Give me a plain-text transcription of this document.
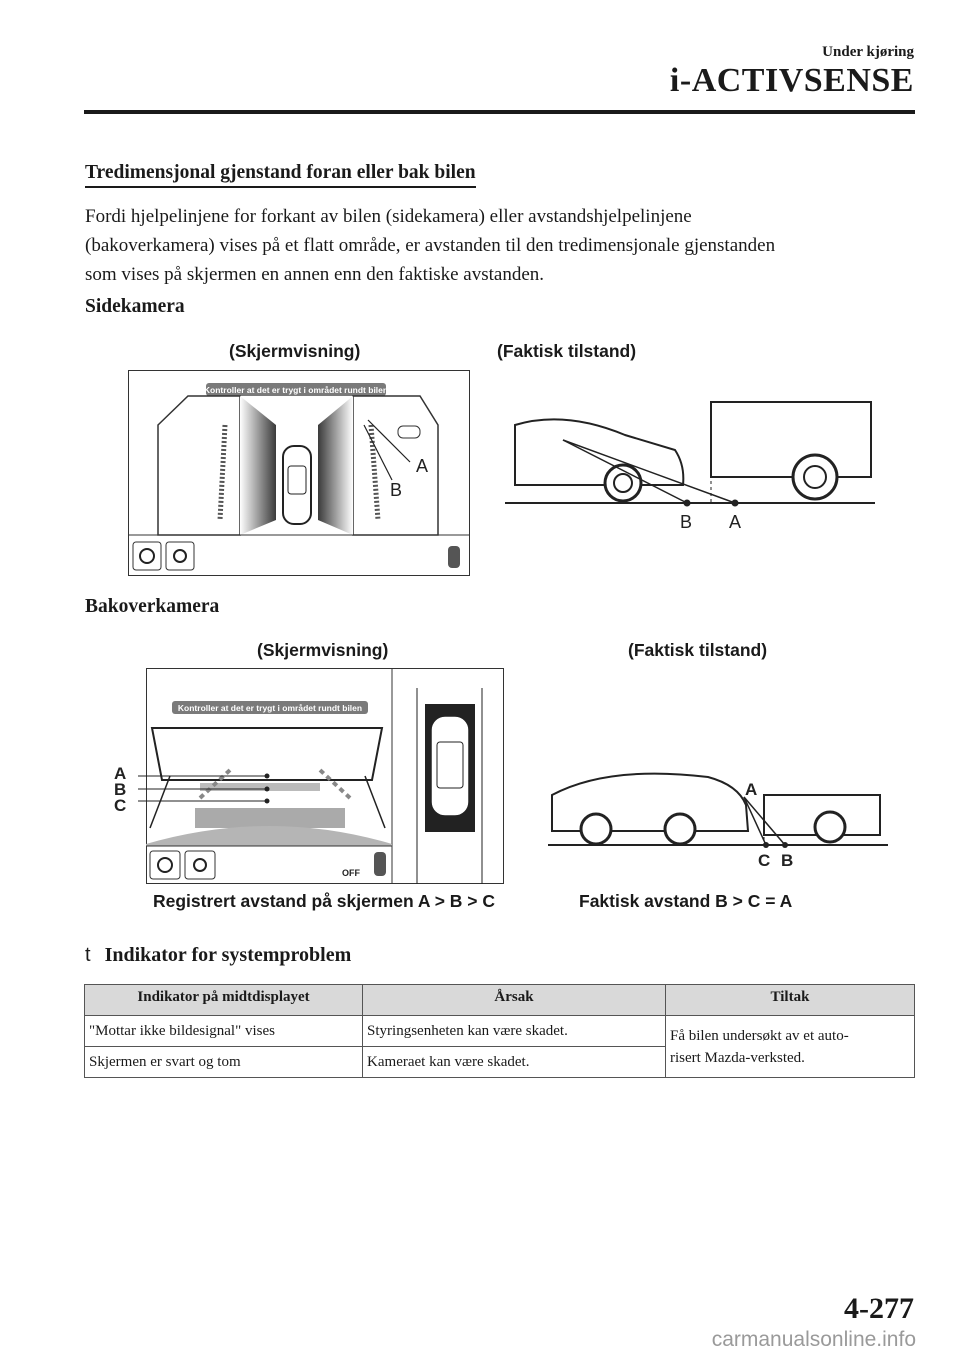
Under kjøring
i-ACTIVSENSE
Tredimensjonal gjenstand foran eller bak bilen
Fordi hjelpelinjene for forkant av bilen (sidekamera) eller avstandshjelpelinjene
(bakoverkamera) vises på et flatt område, er avstanden til den tredimensjonale gjenstanden
som vises på skjermen en annen enn den faktiske avstanden.
Sidekamera
(Skjermvisning)	(Faktisk tilstand)
Kontroller at det er trygt i området rundt bilen
A
B
B A
Bakoverkamera
(Skjermvisning)	(Faktisk tilstand)
Kontroller at det er trygt i området rundt bilen
A
B
C
OFF
A
C B
Registrert avstand på skjermen A > B > C	Faktisk avstand B > C = A
t Indikator for systemproblem
Indikator på midtdisplayet	Årsak	Tiltak
"Mottar ikke bildesignal" vises	Styringsenheten kan være skadet.	Få bilen undersøkt av et auto-
risert Mazda-verksted.
Skjermen er svart og tom	Kameraet kan være skadet.	
4-277
carmanualsonline.info
